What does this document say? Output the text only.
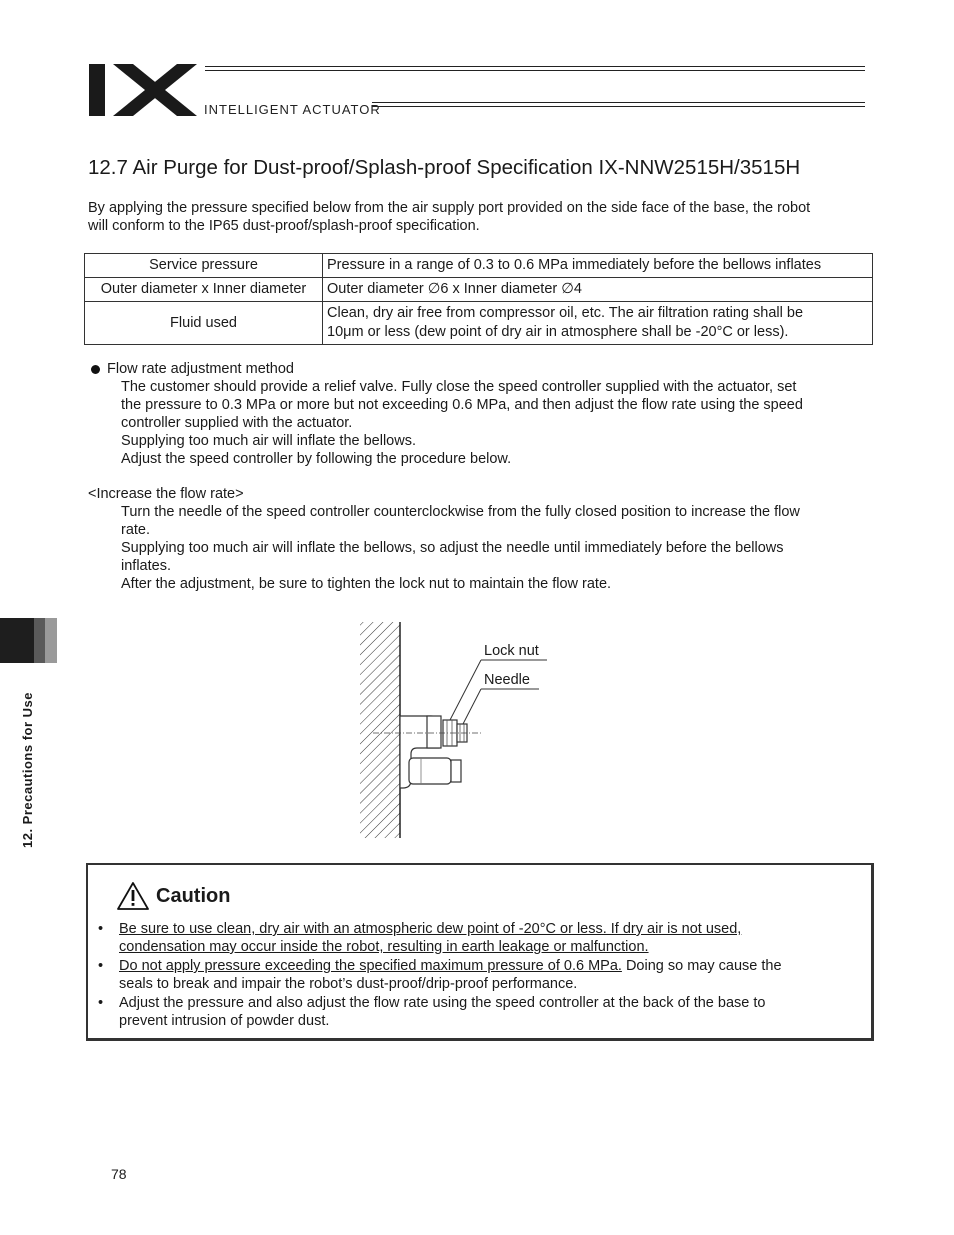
INTELLIGENT ACTUATOR
12.7 Air Purge for Dust-proof/Splash-proof Specification IX-NNW2515H/3515H
By applying the pressure specified below from the air supply port provided on the side face of the base, the robot
will conform to the IP65 dust-proof/splash-proof specification.
Service pressure	Pressure in a range of 0.3 to 0.6 MPa immediately before the bellows inflates
Outer diameter x Inner diameter	Outer diameter ∅6 x Inner diameter ∅4
Fluid used	Clean, dry air free from compressor oil, etc. The air filtration rating shall be
10μm or less (dew point of dry air in atmosphere shall be -20°C or less).
Flow rate adjustment method
The customer should provide a relief valve. Fully close the speed controller supplied with the actuator, set
the pressure to 0.3 MPa or more but not exceeding 0.6 MPa, and then adjust the flow rate using the speed
controller supplied with the actuator.
Supplying too much air will inflate the bellows.
Adjust the speed controller by following the procedure below.
<Increase the flow rate>
Turn the needle of the speed controller counterclockwise from the fully closed position to increase the flow
rate.
Supplying too much air will inflate the bellows, so adjust the needle until immediately before the bellows
inflates.
After the adjustment, be sure to tighten the lock nut to maintain the flow rate.
Lock nut
Needle
12. Precautions for Use
Caution
• Be sure to use clean, dry air with an atmospheric dew point of -20°C or less. If dry air is not used,
condensation may occur inside the robot, resulting in earth leakage or malfunction.
• Do not apply pressure exceeding the specified maximum pressure of 0.6 MPa. Doing so may cause the
seals to break and impair the robot’s dust-proof/drip-proof performance.
• Adjust the pressure and also adjust the flow rate using the speed controller at the back of the base to
prevent intrusion of powder dust.
78
